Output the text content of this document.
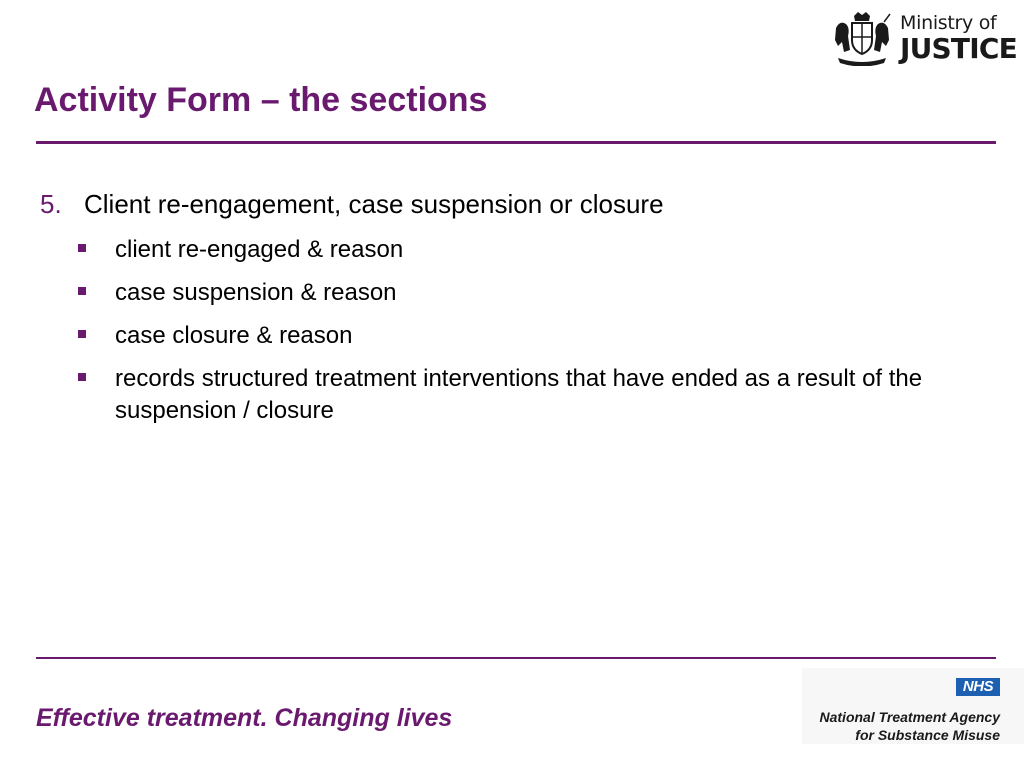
Ministry of
JUSTICE
Activity Form – the sections
5. Client re-engagement, case suspension or closure
client re-engaged & reason
case suspension & reason
case closure & reason
records structured treatment interventions that have ended as a result of the suspension / closure
Effective treatment. Changing lives
NHS
National Treatment Agency
for Substance Misuse
